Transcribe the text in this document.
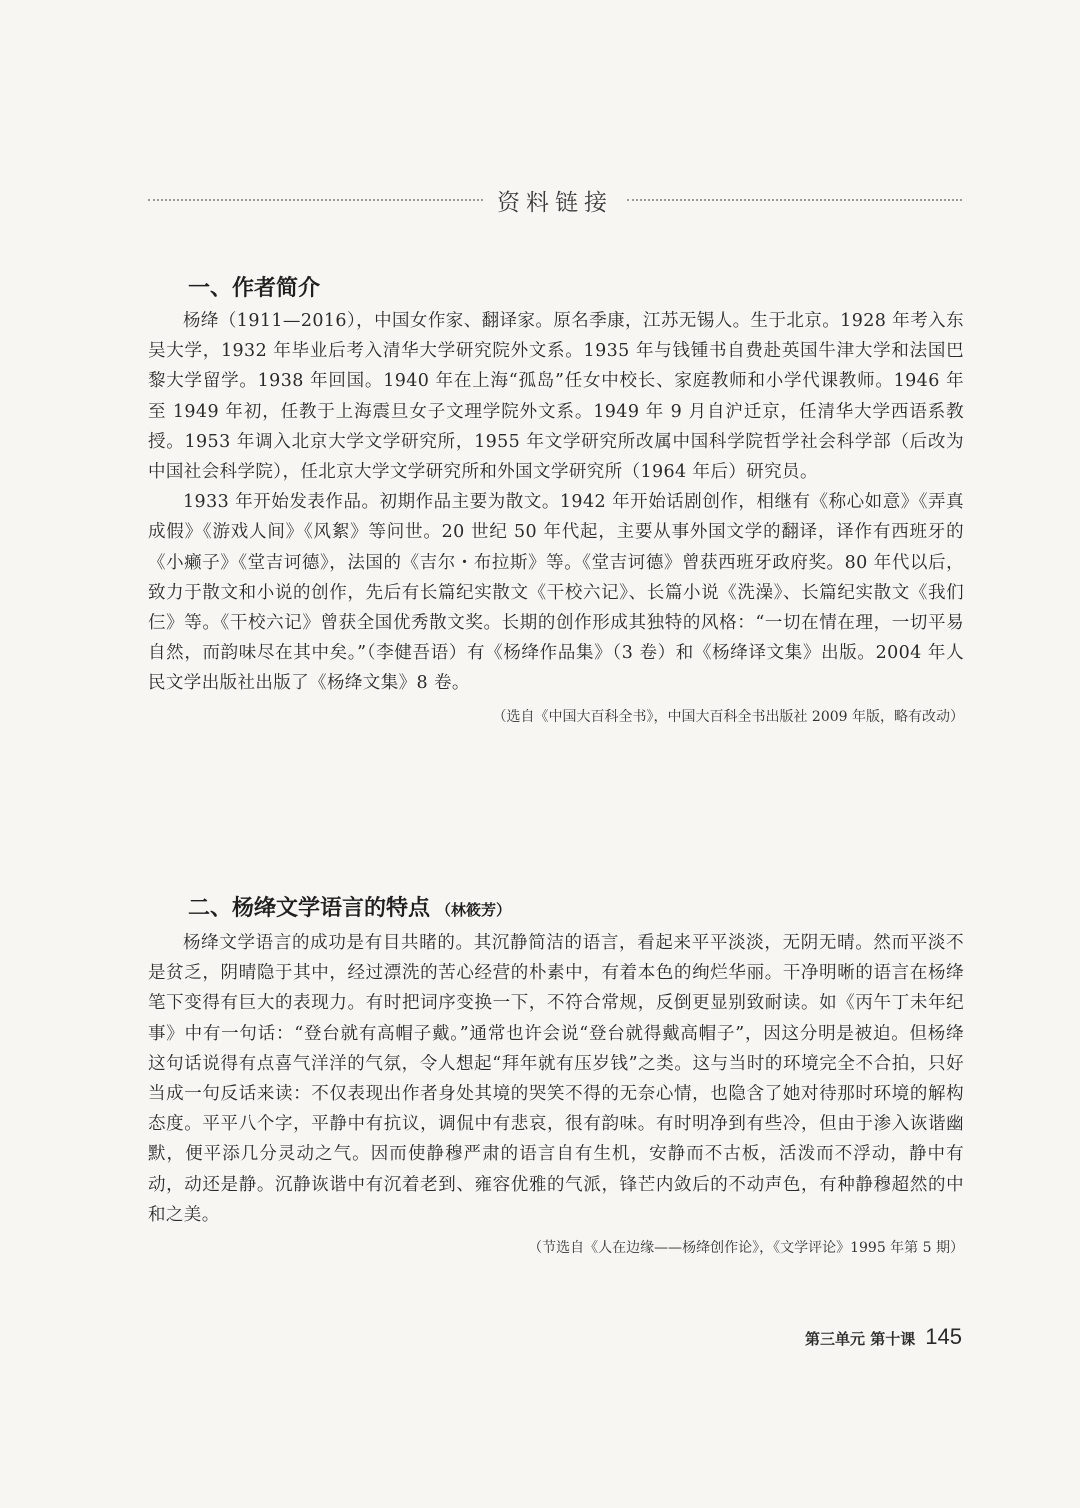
资料链接
一、作者简介

杨绛（1911—2016），中国女作家、翻译家。原名季康，江苏无锡人。生于北京。1928 年考入东吴大学，1932 年毕业后考入清华大学研究院外文系。1935 年与钱锺书自费赴英国牛津大学和法国巴黎大学留学。1938 年回国。1940 年在上海“孤岛”任女中校长、家庭教师和小学代课教师。1946 年至 1949 年初，任教于上海震旦女子文理学院外文系。1949 年 9 月自沪迁京，任清华大学西语系教授。1953 年调入北京大学文学研究所，1955 年文学研究所改属中国科学院哲学社会科学部（后改为中国社会科学院），任北京大学文学研究所和外国文学研究所（1964 年后）研究员。

1933 年开始发表作品。初期作品主要为散文。1942 年开始话剧创作，相继有《称心如意》《弄真成假》《游戏人间》《风絮》等问世。20 世纪 50 年代起，主要从事外国文学的翻译，译作有西班牙的《小癞子》《堂吉诃德》，法国的《吉尔・布拉斯》等。《堂吉诃德》曾获西班牙政府奖。80 年代以后，致力于散文和小说的创作，先后有长篇纪实散文《干校六记》、长篇小说《洗澡》、长篇纪实散文《我们仨》等。《干校六记》曾获全国优秀散文奖。长期的创作形成其独特的风格：“一切在情在理，一切平易自然，而韵味尽在其中矣。”（李健吾语）有《杨绛作品集》（3 卷）和《杨绛译文集》出版。2004 年人民文学出版社出版了《杨绛文集》8 卷。

（选自《中国大百科全书》，中国大百科全书出版社 2009 年版，略有改动）

二、杨绛文学语言的特点 （林筱芳）

杨绛文学语言的成功是有目共睹的。其沉静简洁的语言，看起来平平淡淡，无阴无晴。然而平淡不是贫乏，阴晴隐于其中，经过漂洗的苦心经营的朴素中，有着本色的绚烂华丽。干净明晰的语言在杨绛笔下变得有巨大的表现力。有时把词序变换一下，不符合常规，反倒更显别致耐读。如《丙午丁未年纪事》中有一句话：“登台就有高帽子戴。”通常也许会说“登台就得戴高帽子”，因这分明是被迫。但杨绛这句话说得有点喜气洋洋的气氛，令人想起“拜年就有压岁钱”之类。这与当时的环境完全不合拍，只好当成一句反话来读：不仅表现出作者身处其境的哭笑不得的无奈心情，也隐含了她对待那时环境的解构态度。平平八个字，平静中有抗议，调侃中有悲哀，很有韵味。有时明净到有些冷，但由于渗入诙谐幽默，便平添几分灵动之气。因而使静穆严肃的语言自有生机，安静而不古板，活泼而不浮动，静中有动，动还是静。沉静诙谐中有沉着老到、雍容优雅的气派，锋芒内敛后的不动声色，有种静穆超然的中和之美。

（节选自《人在边缘——杨绛创作论》，《文学评论》1995 年第 5 期）

第三单元 第十课 145
